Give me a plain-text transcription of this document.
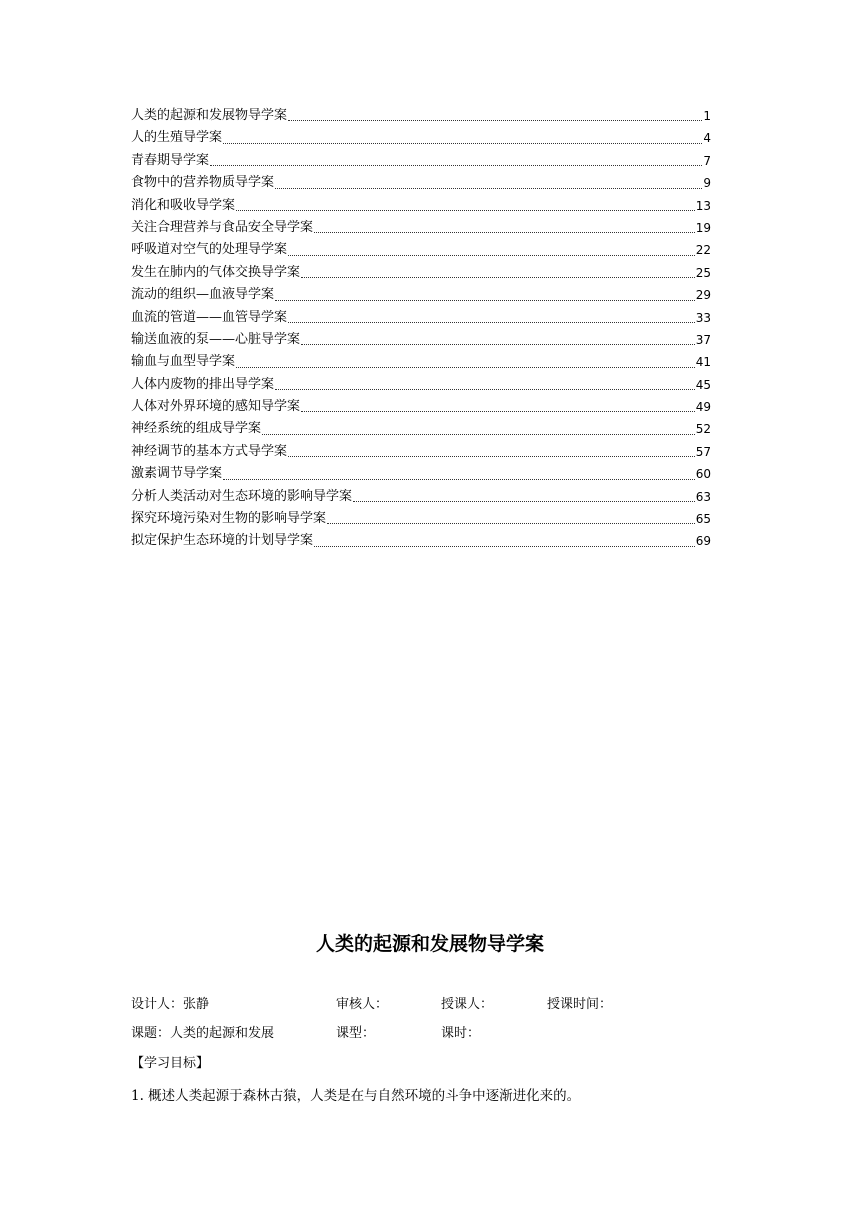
人类的起源和发展物导学案	1
人的生殖导学案	4
青春期导学案	7
食物中的营养物质导学案	9
消化和吸收导学案	13
关注合理营养与食品安全导学案	19
呼吸道对空气的处理导学案	22
发生在肺内的气体交换导学案	25
流动的组织—血液导学案	29
血流的管道——血管导学案	33
输送血液的泵——心脏导学案	37
输血与血型导学案	41
人体内废物的排出导学案	45
人体对外界环境的感知导学案	49
神经系统的组成导学案	52
神经调节的基本方式导学案	57
激素调节导学案	60
分析人类活动对生态环境的影响导学案	63
探究环境污染对生物的影响导学案	65
拟定保护生态环境的计划导学案	69
人类的起源和发展物导学案
设计人：张静	审核人：	授课人：	授课时间：
课题：人类的起源和发展	课型：	课时：
【学习目标】
1. 概述人类起源于森林古猿，人类是在与自然环境的斗争中逐渐进化来的。
